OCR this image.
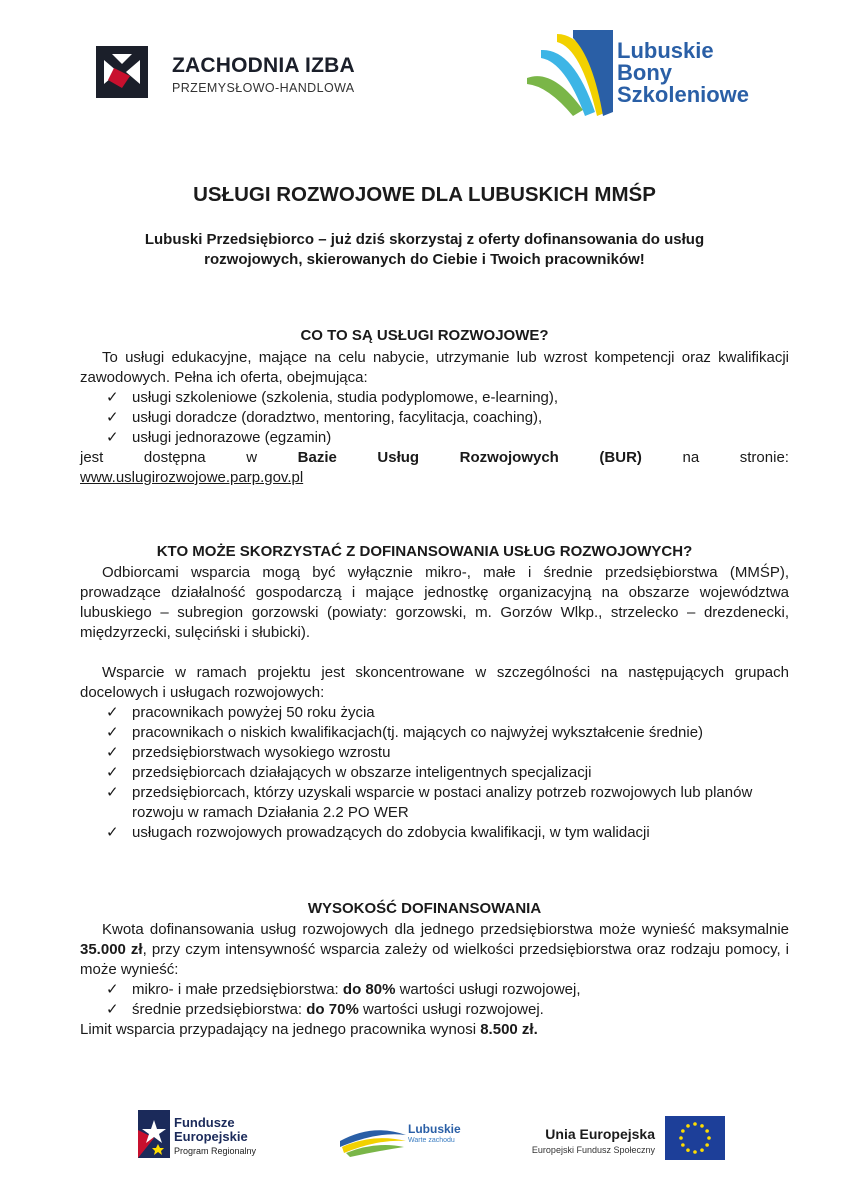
ZACHODNIA IZBA
PRZEMYSŁOWO-HANDLOWA
Lubuskie
Bony
Szkoleniowe
USŁUGI ROZWOJOWE DLA LUBUSKICH MMŚP
Lubuski Przedsiębiorco – już dziś skorzystaj z oferty dofinansowania do usług rozwojowych, skierowanych do Ciebie i Twoich pracowników!
CO TO SĄ USŁUGI ROZWOJOWE?
To usługi edukacyjne, mające na celu nabycie, utrzymanie lub wzrost kompetencji oraz kwalifikacji zawodowych. Pełna ich oferta, obejmująca:
✓ usługi szkoleniowe (szkolenia, studia podyplomowe, e-learning),
✓ usługi doradcze (doradztwo, mentoring, facylitacja, coaching),
✓ usługi jednorazowe (egzamin)
jest	dostępna	w	Bazie	Usług	Rozwojowych	(BUR)	na	stronie:
www.uslugirozwojowe.parp.gov.pl
KTO MOŻE SKORZYSTAĆ Z DOFINANSOWANIA USŁUG ROZWOJOWYCH?
Odbiorcami wsparcia mogą być wyłącznie mikro-, małe i średnie przedsiębiorstwa (MMŚP), prowadzące działalność gospodarczą i mające jednostkę organizacyjną na obszarze województwa lubuskiego – subregion gorzowski (powiaty: gorzowski, m. Gorzów Wlkp., strzelecko – drezdenecki, międzyrzecki, sulęciński i słubicki).
Wsparcie w ramach projektu jest skoncentrowane w szczególności na następujących grupach docelowych i usługach rozwojowych:
✓ pracownikach powyżej 50 roku życia
✓ pracownikach o niskich kwalifikacjach(tj. mających co najwyżej wykształcenie średnie)
✓ przedsiębiorstwach wysokiego wzrostu
✓ przedsiębiorcach działających w obszarze inteligentnych specjalizacji
✓ przedsiębiorcach, którzy uzyskali wsparcie w postaci analizy potrzeb rozwojowych lub planów rozwoju w ramach Działania 2.2 PO WER
✓ usługach rozwojowych prowadzących do zdobycia kwalifikacji, w tym walidacji
WYSOKOŚĆ DOFINANSOWANIA
Kwota dofinansowania usług rozwojowych dla jednego przedsiębiorstwa może wynieść maksymalnie 35.000 zł, przy czym intensywność wsparcia zależy od wielkości przedsiębiorstwa oraz rodzaju pomocy, i może wynieść:
✓ mikro- i małe przedsiębiorstwa: do 80% wartości usługi rozwojowej,
✓ średnie przedsiębiorstwa: do 70% wartości usługi rozwojowej.
Limit wsparcia przypadający na jednego pracownika wynosi 8.500 zł.
Fundusze
Europejskie
Program Regionalny
Lubuskie
Warte zachodu	Unia Europejska
Europejski Fundusz Społeczny
